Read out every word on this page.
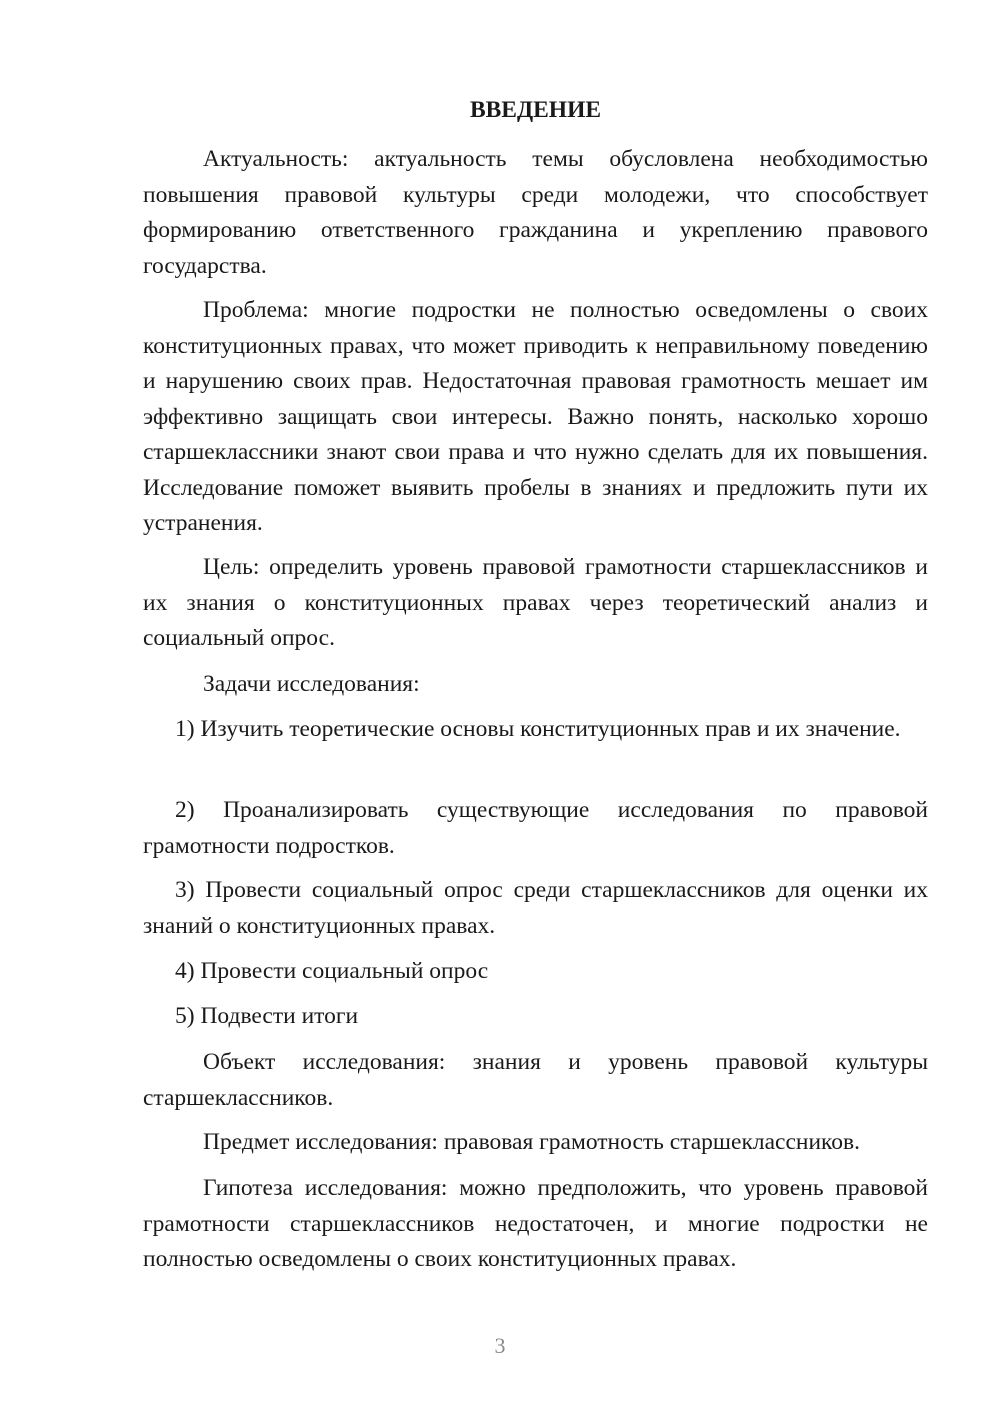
ВВЕДЕНИЕ

Актуальность: актуальность темы обусловлена необходимостью повышения правовой культуры среди молодежи, что способствует формированию ответственного гражданина и укреплению правового государства.

Проблема: многие подростки не полностью осведомлены о своих конституционных правах, что может приводить к неправильному поведению и нарушению своих прав. Недостаточная правовая грамотность мешает им эффективно защищать свои интересы. Важно понять, насколько хорошо старшеклассники знают свои права и что нужно сделать для их повышения. Исследование поможет выявить пробелы в знаниях и предложить пути их устранения.

Цель: определить уровень правовой грамотности старшеклассников и их знания о конституционных правах через теоретический анализ и социальный опрос.

Задачи исследования:

1) Изучить теоретические основы конституционных прав и их значение.

2) Проанализировать существующие исследования по правовой грамотности подростков.

3) Провести социальный опрос среди старшеклассников для оценки их знаний о конституционных правах.

4) Провести социальный опрос

5) Подвести итоги

Объект исследования: знания и уровень правовой культуры старшеклассников.

Предмет исследования: правовая грамотность старшеклассников.

Гипотеза исследования: можно предположить, что уровень правовой грамотности старшеклассников недостаточен, и многие подростки не полностью осведомлены о своих конституционных правах.

3
